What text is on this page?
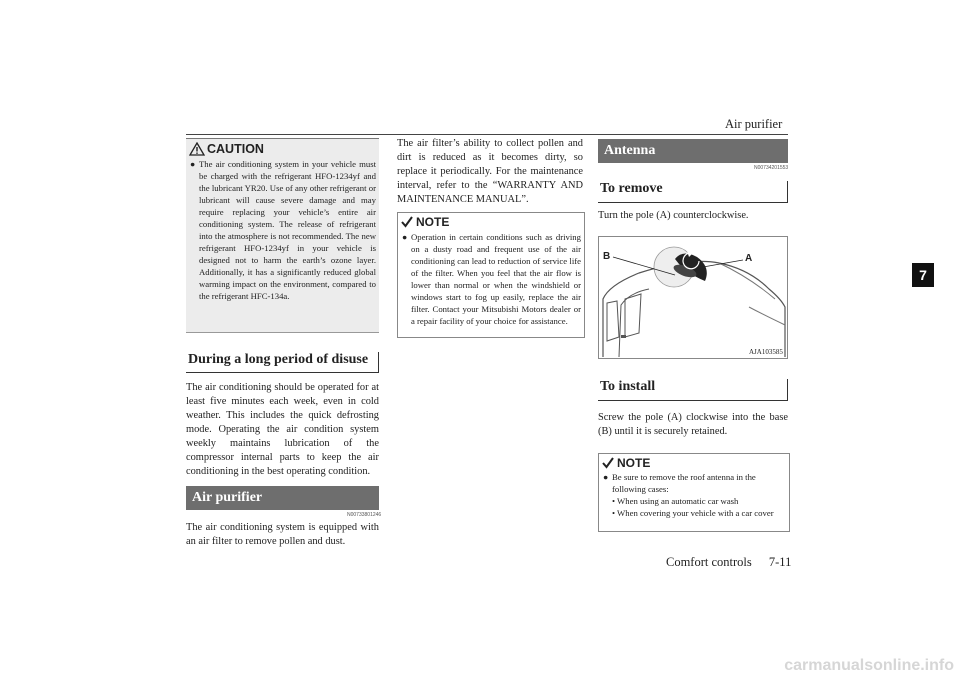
Air purifier
7
CAUTION
● The air conditioning system in your vehicle must be charged with the refrigerant HFO-1234yf and the lubricant YR20. Use of any other refrigerant or lubricant will cause severe damage and may require replacing your vehicle’s entire air conditioning system. The release of refrigerant into the atmosphere is not recommended. The new refrigerant HFO-1234yf in your vehicle is designed not to harm the earth’s ozone layer. Additionally, it has a significantly reduced global warming impact on the environment, compared to the refrigerant HFC-134a.
During a long period of disuse
The air conditioning should be operated for at least five minutes each week, even in cold weather. This includes the quick defrosting mode. Operating the air condition system weekly maintains lubrication of the compressor internal parts to keep the air conditioning in the best operating condition.
Air purifier
N00733801246
The air conditioning system is equipped with an air filter to remove pollen and dust.
The air filter’s ability to collect pollen and dirt is reduced as it becomes dirty, so replace it periodically. For the maintenance interval, refer to the “WARRANTY AND MAINTENANCE MANUAL”.
NOTE
● Operation in certain conditions such as driving on a dusty road and frequent use of the air conditioning can lead to reduction of service life of the filter. When you feel that the air flow is lower than normal or when the windshield or windows start to fog up easily, replace the air filter. Contact your Mitsubishi Motors dealer or a repair facility of your choice for assistance.
Antenna
N00734201553
To remove
Turn the pole (A) counterclockwise.
B	A
AJA103585
To install
Screw the pole (A) clockwise into the base (B) until it is securely retained.
NOTE
● Be sure to remove the roof antenna in the following cases:
• When using an automatic car wash
• When covering your vehicle with a car cover
Comfort controls 7-11
carmanualsonline.info
